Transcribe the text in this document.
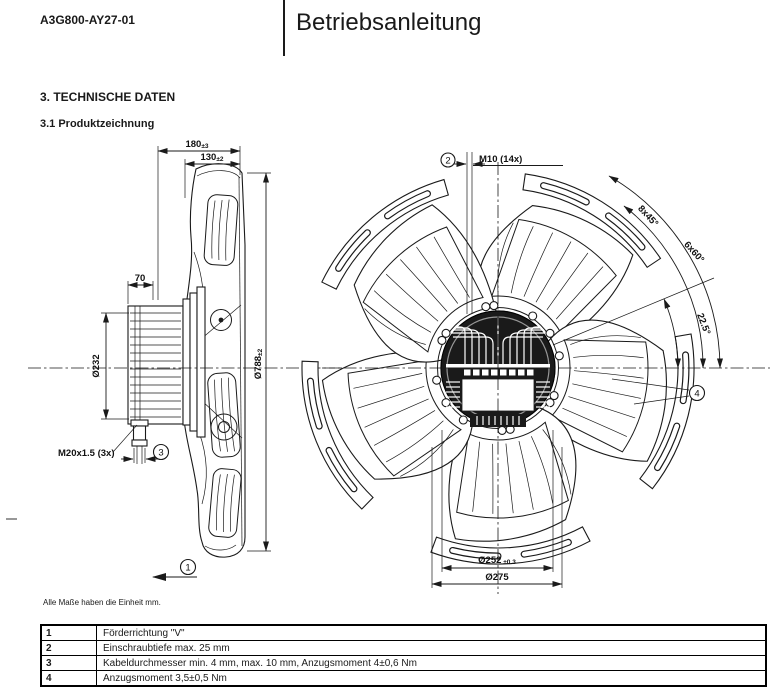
A3G800-AY27-01	Betriebsanleitung
3. TECHNISCHE DATEN
3.1 Produktzeichnung
180±3
130±2
70
Ø232	Ø788±2
M20x1.5 (3x)	3
1
2	M10 (14x)
8x45°
6x60°
22.5°
4
Ø252 ±0.3
Ø275
Alle Maße haben die Einheit mm.
1	Förderrichtung "V"
2	Einschraubtiefe max. 25 mm
3	Kabeldurchmesser min. 4 mm, max. 10 mm, Anzugsmoment 4±0,6 Nm
4	Anzugsmoment 3,5±0,5 Nm
